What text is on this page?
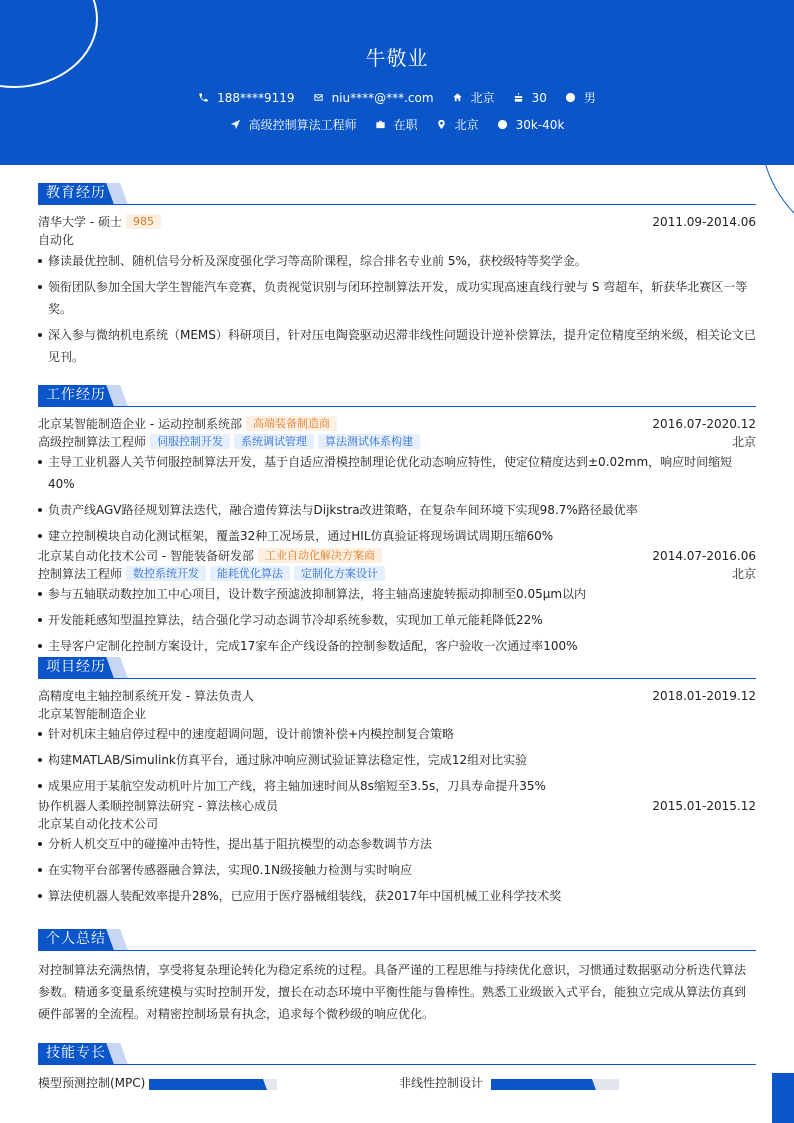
牛敬业
188****9119	niu****@***.com	北京	30	男
高级控制算法工程师	在职	北京	30k-40k
教育经历
清华大学 - 硕士 985	2011.09-2014.06
自动化
修读最优控制、随机信号分析及深度强化学习等高阶课程，综合排名专业前 5%，获校级特等奖学金。
领衔团队参加全国大学生智能汽车竞赛，负责视觉识别与闭环控制算法开发，成功实现高速直线行驶与 S 弯超车，斩获华北赛区一等奖。
深入参与微纳机电系统（MEMS）科研项目，针对压电陶瓷驱动迟滞非线性问题设计逆补偿算法，提升定位精度至纳米级，相关论文已见刊。
工作经历
北京某智能制造企业 - 运动控制系统部 高端装备制造商	2016.07-2020.12
高级控制算法工程师 伺服控制开发 系统调试管理 算法测试体系构建	北京
主导工业机器人关节伺服控制算法开发，基于自适应滑模控制理论优化动态响应特性，使定位精度达到±0.02mm，响应时间缩短40%
负责产线AGV路径规划算法迭代，融合遗传算法与Dijkstra改进策略，在复杂车间环境下实现98.7%路径最优率
建立控制模块自动化测试框架，覆盖32种工况场景，通过HIL仿真验证将现场调试周期压缩60%
北京某自动化技术公司 - 智能装备研发部 工业自动化解决方案商	2014.07-2016.06
控制算法工程师 数控系统开发 能耗优化算法 定制化方案设计	北京
参与五轴联动数控加工中心项目，设计数字预滤波抑制算法，将主轴高速旋转振动抑制至0.05μm以内
开发能耗感知型温控算法，结合强化学习动态调节冷却系统参数，实现加工单元能耗降低22%
主导客户定制化控制方案设计，完成17家车企产线设备的控制参数适配，客户验收一次通过率100%
项目经历
高精度电主轴控制系统开发 - 算法负责人	2018.01-2019.12
北京某智能制造企业
针对机床主轴启停过程中的速度超调问题，设计前馈补偿+内模控制复合策略
构建MATLAB/Simulink仿真平台，通过脉冲响应测试验证算法稳定性，完成12组对比实验
成果应用于某航空发动机叶片加工产线，将主轴加速时间从8s缩短至3.5s，刀具寿命提升35%
协作机器人柔顺控制算法研究 - 算法核心成员	2015.01-2015.12
北京某自动化技术公司
分析人机交互中的碰撞冲击特性，提出基于阻抗模型的动态参数调节方法
在实物平台部署传感器融合算法，实现0.1N级接触力检测与实时响应
算法使机器人装配效率提升28%，已应用于医疗器械组装线，获2017年中国机械工业科学技术奖
个人总结
对控制算法充满热情，享受将复杂理论转化为稳定系统的过程。具备严谨的工程思维与持续优化意识，习惯通过数据驱动分析迭代算法参数。精通多变量系统建模与实时控制开发，擅长在动态环境中平衡性能与鲁棒性。熟悉工业级嵌入式平台，能独立完成从算法仿真到硬件部署的全流程。对精密控制场景有执念，追求每个微秒级的响应优化。
技能专长
模型预测控制(MPC)	非线性控制设计
